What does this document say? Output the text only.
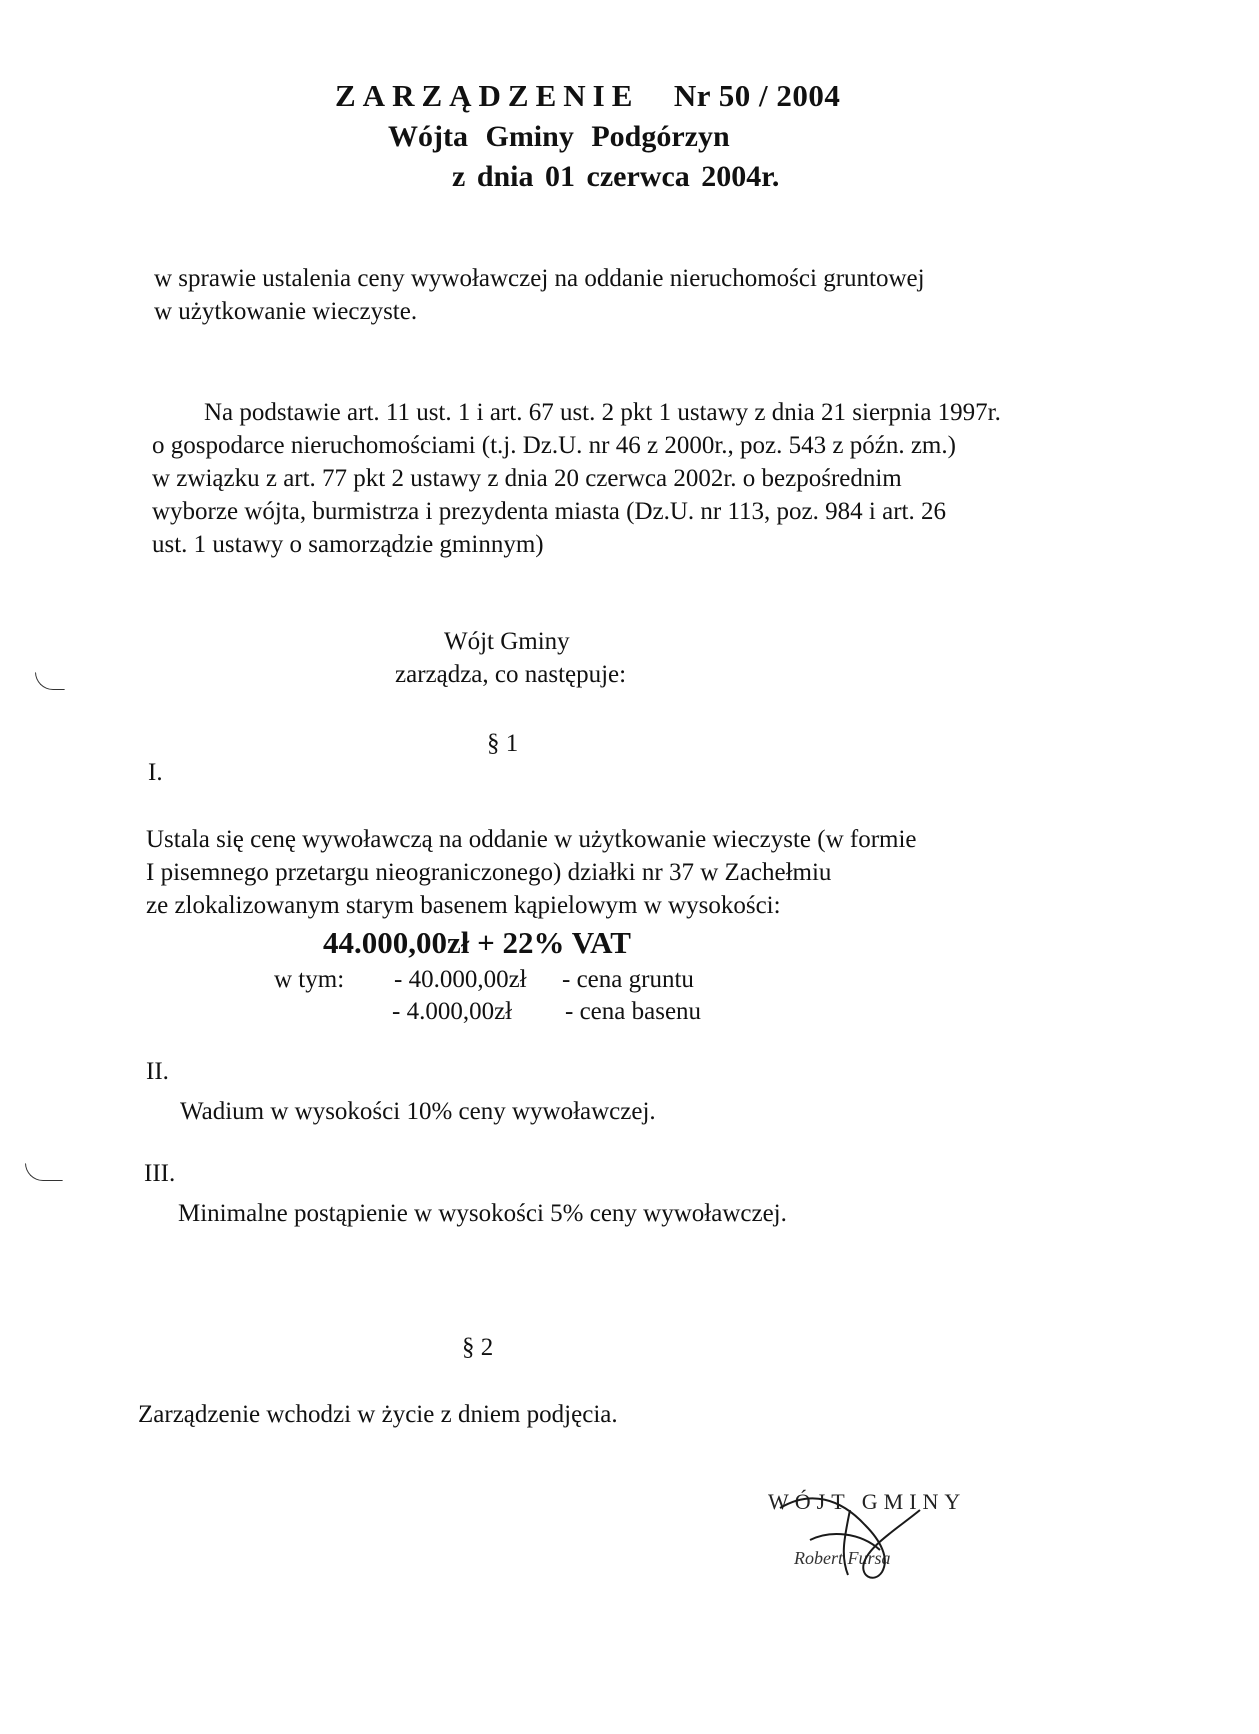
ZARZĄDZENIE Nr 50 / 2004
Wójta Gminy Podgórzyn
z dnia 01 czerwca 2004r.
w sprawie ustalenia ceny wywoławczej na oddanie nieruchomości gruntowej
w użytkowanie wieczyste.
Na podstawie art. 11 ust. 1 i art. 67 ust. 2 pkt 1 ustawy z dnia 21 sierpnia 1997r.
o gospodarce nieruchomościami (t.j. Dz.U. nr 46 z 2000r., poz. 543 z późn. zm.)
w związku z art. 77 pkt 2 ustawy z dnia 20 czerwca 2002r. o bezpośrednim
wyborze wójta, burmistrza i prezydenta miasta (Dz.U. nr 113, poz. 984 i art. 26
ust. 1 ustawy o samorządzie gminnym)
Wójt Gminy
zarządza, co następuje:
§ 1
I.
Ustala się cenę wywoławczą na oddanie w użytkowanie wieczyste (w formie
I pisemnego przetargu nieograniczonego) działki nr 37 w Zachełmiu
ze zlokalizowanym starym basenem kąpielowym w wysokości:
44.000,00zł + 22% VAT
w tym: - 40.000,00zł - cena gruntu
- 4.000,00zł - cena basenu
II.
Wadium w wysokości 10% ceny wywoławczej.
III.
Minimalne postąpienie w wysokości 5% ceny wywoławczej.
§ 2
Zarządzenie wchodzi w życie z dniem podjęcia.
WÓJT GMINY
Robert Fursa
